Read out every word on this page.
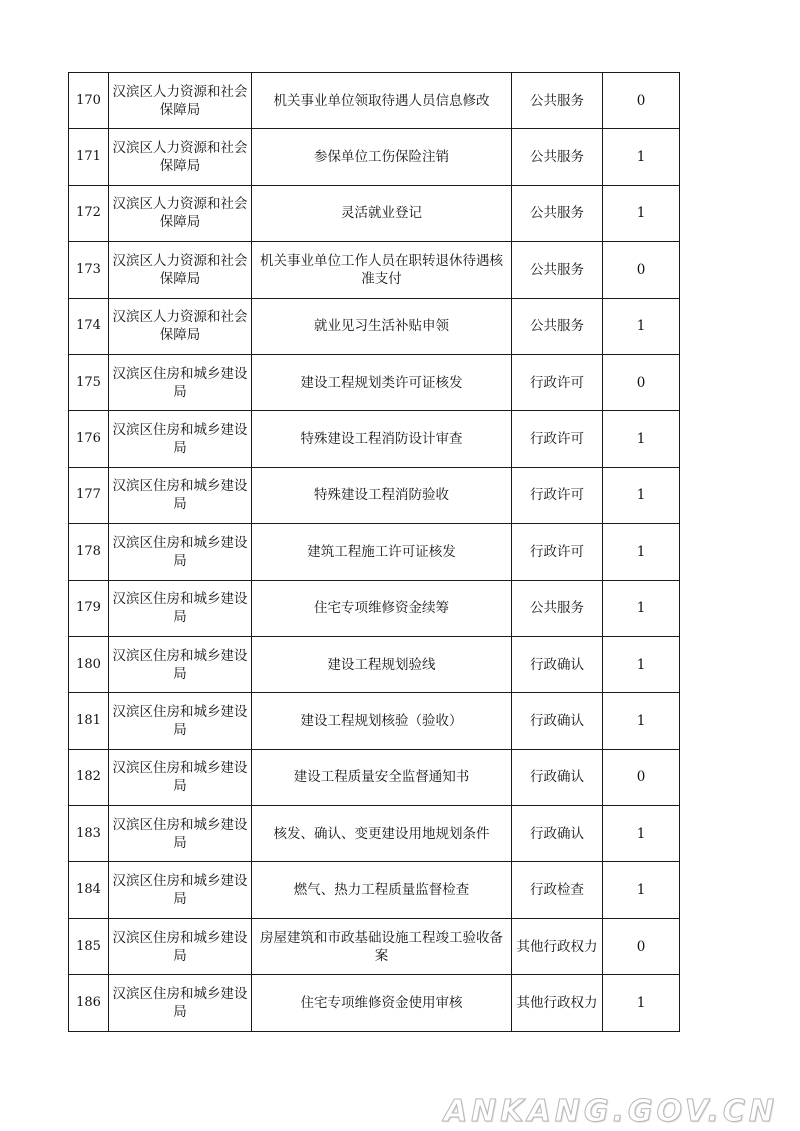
170	汉滨区人力资源和社会保障局	机关事业单位领取待遇人员信息修改	公共服务	0
171	汉滨区人力资源和社会保障局	参保单位工伤保险注销	公共服务	1
172	汉滨区人力资源和社会保障局	灵活就业登记	公共服务	1
173	汉滨区人力资源和社会保障局	机关事业单位工作人员在职转退休待遇核准支付	公共服务	0
174	汉滨区人力资源和社会保障局	就业见习生活补贴申领	公共服务	1
175	汉滨区住房和城乡建设局	建设工程规划类许可证核发	行政许可	0
176	汉滨区住房和城乡建设局	特殊建设工程消防设计审查	行政许可	1
177	汉滨区住房和城乡建设局	特殊建设工程消防验收	行政许可	1
178	汉滨区住房和城乡建设局	建筑工程施工许可证核发	行政许可	1
179	汉滨区住房和城乡建设局	住宅专项维修资金续筹	公共服务	1
180	汉滨区住房和城乡建设局	建设工程规划验线	行政确认	1
181	汉滨区住房和城乡建设局	建设工程规划核验（验收）	行政确认	1
182	汉滨区住房和城乡建设局	建设工程质量安全监督通知书	行政确认	0
183	汉滨区住房和城乡建设局	核发、确认、变更建设用地规划条件	行政确认	1
184	汉滨区住房和城乡建设局	燃气、热力工程质量监督检查	行政检查	1
185	汉滨区住房和城乡建设局	房屋建筑和市政基础设施工程竣工验收备案	其他行政权力	0
186	汉滨区住房和城乡建设局	住宅专项维修资金使用审核	其他行政权力	1
ANKANG.GOV.CN
